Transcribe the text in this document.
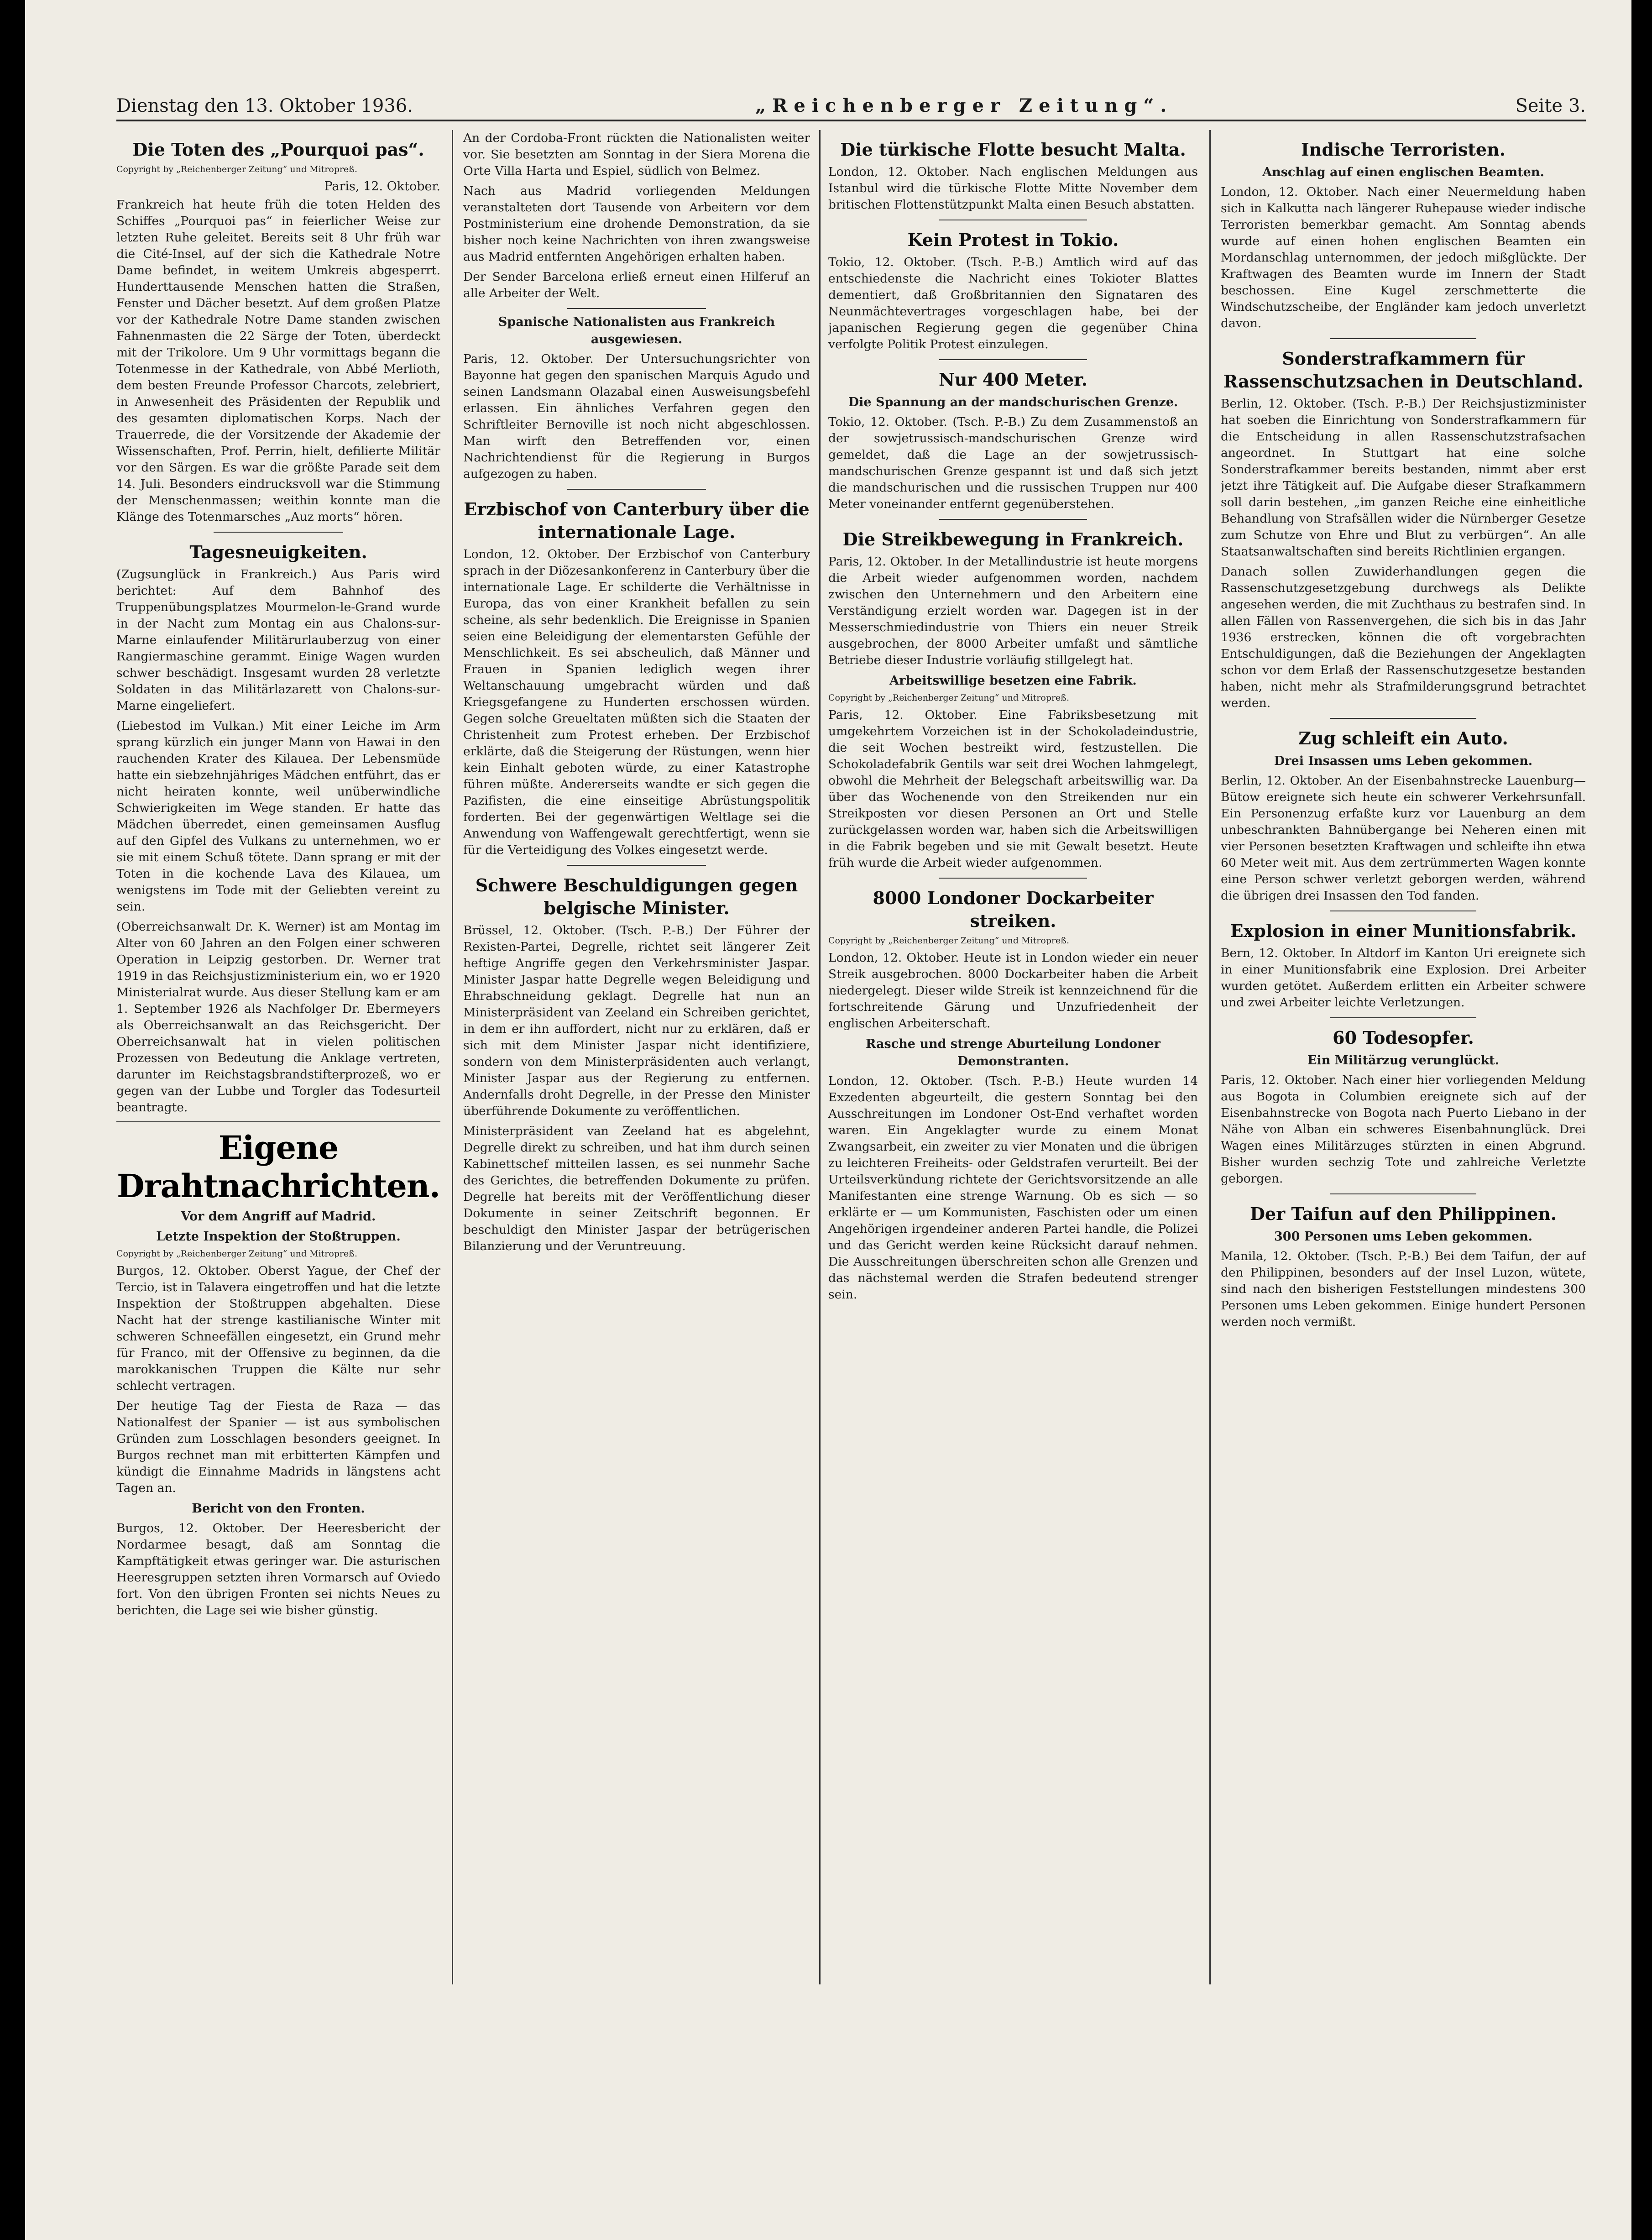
Dienstag den 13. Oktober 1936.	„Reichenberger Zeitung“.	Seite 3.
Die Toten des „Pourquoi pas“.
Copyright by „Reichenberger Zeitung“ und Mitropreß.
Paris, 12. Oktober.

Frankreich hat heute früh die toten Helden des Schiffes „Pourquoi pas“ in feierlicher Weise zur letzten Ruhe geleitet. Bereits seit 8 Uhr früh war die Cité-Insel, auf der sich die Kathedrale Notre Dame befindet, in weitem Umkreis abgesperrt. Hunderttausende Menschen hatten die Straßen, Fenster und Dächer besetzt. Auf dem großen Platze vor der Kathedrale Notre Dame standen zwischen Fahnenmasten die 22 Särge der Toten, überdeckt mit der Trikolore. Um 9 Uhr vormittags begann die Totenmesse in der Kathedrale, von Abbé Merlioth, dem besten Freunde Professor Charcots, zelebriert, in Anwesenheit des Präsidenten der Republik und des gesamten diplomatischen Korps. Nach der Trauerrede, die der Vorsitzende der Akademie der Wissenschaften, Prof. Perrin, hielt, defilierte Militär vor den Särgen. Es war die größte Parade seit dem 14. Juli. Besonders eindrucksvoll war die Stimmung der Menschenmassen; weithin konnte man die Klänge des Totenmarsches „Auz morts“ hören.

Tagesneuigkeiten.

(Zugsunglück in Frankreich.) Aus Paris wird berichtet: Auf dem Bahnhof des Truppenübungsplatzes Mourmelon-le-Grand wurde in der Nacht zum Montag ein aus Chalons-sur-Marne einlaufender Militärurlauberzug von einer Rangiermaschine gerammt. Einige Wagen wurden schwer beschädigt. Insgesamt wurden 28 verletzte Soldaten in das Militärlazarett von Chalons-sur-Marne eingeliefert.

(Liebestod im Vulkan.) Mit einer Leiche im Arm sprang kürzlich ein junger Mann von Hawai in den rauchenden Krater des Kilauea. Der Lebensmüde hatte ein siebzehnjähriges Mädchen entführt, das er nicht heiraten konnte, weil unüberwindliche Schwierigkeiten im Wege standen. Er hatte das Mädchen überredet, einen gemeinsamen Ausflug auf den Gipfel des Vulkans zu unternehmen, wo er sie mit einem Schuß tötete. Dann sprang er mit der Toten in die kochende Lava des Kilauea, um wenigstens im Tode mit der Geliebten vereint zu sein.

(Oberreichsanwalt Dr. K. Werner) ist am Montag im Alter von 60 Jahren an den Folgen einer schweren Operation in Leipzig gestorben. Dr. Werner trat 1919 in das Reichsjustizministerium ein, wo er 1920 Ministerialrat wurde. Aus dieser Stellung kam er am 1. September 1926 als Nachfolger Dr. Ebermeyers als Oberreichsanwalt an das Reichsgericht. Der Oberreichsanwalt hat in vielen politischen Prozessen von Bedeutung die Anklage vertreten, darunter im Reichstagsbrandstifterprozeß, wo er gegen van der Lubbe und Torgler das Todesurteil beantragte.

Eigene Drahtnachrichten.
Vor dem Angriff auf Madrid.
Letzte Inspektion der Stoßtruppen.
Copyright by „Reichenberger Zeitung“ und Mitropreß.

Burgos, 12. Oktober. Oberst Yague, der Chef der Tercio, ist in Talavera eingetroffen und hat die letzte Inspektion der Stoßtruppen abgehalten. Diese Nacht hat der strenge kastilianische Winter mit schweren Schneefällen eingesetzt, ein Grund mehr für Franco, mit der Offensive zu beginnen, da die marokkanischen Truppen die Kälte nur sehr schlecht vertragen.

Der heutige Tag der Fiesta de Raza — das Nationalfest der Spanier — ist aus symbolischen Gründen zum Losschlagen besonders geeignet. In Burgos rechnet man mit erbitterten Kämpfen und kündigt die Einnahme Madrids in längstens acht Tagen an.

Bericht von den Fronten.

Burgos, 12. Oktober. Der Heeresbericht der Nordarmee besagt, daß am Sonntag die Kampftätigkeit etwas geringer war. Die asturischen Heeresgruppen setzten ihren Vormarsch auf Oviedo fort. Von den übrigen Fronten sei nichts Neues zu berichten, die Lage sei wie bisher günstig.

An der Cordoba-Front rückten die Nationalisten weiter vor. Sie besetzten am Sonntag in der Siera Morena die Orte Villa Harta und Espiel, südlich von Belmez.

Nach aus Madrid vorliegenden Meldungen veranstalteten dort Tausende von Arbeitern vor dem Postministerium eine drohende Demonstration, da sie bisher noch keine Nachrichten von ihren zwangsweise aus Madrid entfernten Angehörigen erhalten haben.

Der Sender Barcelona erließ erneut einen Hilferuf an alle Arbeiter der Welt.

Spanische Nationalisten aus Frankreich ausgewiesen.

Paris, 12. Oktober. Der Untersuchungsrichter von Bayonne hat gegen den spanischen Marquis Agudo und seinen Landsmann Olazabal einen Ausweisungsbefehl erlassen. Ein ähnliches Verfahren gegen den Schriftleiter Bernoville ist noch nicht abgeschlossen. Man wirft den Betreffenden vor, einen Nachrichtendienst für die Regierung in Burgos aufgezogen zu haben.

Erzbischof von Canterbury über die internationale Lage.

London, 12. Oktober. Der Erzbischof von Canterbury sprach in der Diözesankonferenz in Canterbury über die internationale Lage. Er schilderte die Verhältnisse in Europa, das von einer Krankheit befallen zu sein scheine, als sehr bedenklich. Die Ereignisse in Spanien seien eine Beleidigung der elementarsten Gefühle der Menschlichkeit. Es sei abscheulich, daß Männer und Frauen in Spanien lediglich wegen ihrer Weltanschauung umgebracht würden und daß Kriegsgefangene zu Hunderten erschossen würden. Gegen solche Greueltaten müßten sich die Staaten der Christenheit zum Protest erheben. Der Erzbischof erklärte, daß die Steigerung der Rüstungen, wenn hier kein Einhalt geboten würde, zu einer Katastrophe führen müßte. Andererseits wandte er sich gegen die Pazifisten, die eine einseitige Abrüstungspolitik forderten. Bei der gegenwärtigen Weltlage sei die Anwendung von Waffengewalt gerechtfertigt, wenn sie für die Verteidigung des Volkes eingesetzt werde.

Schwere Beschuldigungen gegen belgische Minister.

Brüssel, 12. Oktober. (Tsch. P.-B.) Der Führer der Rexisten-Partei, Degrelle, richtet seit längerer Zeit heftige Angriffe gegen den Verkehrsminister Jaspar. Minister Jaspar hatte Degrelle wegen Beleidigung und Ehrabschneidung geklagt. Degrelle hat nun an Ministerpräsident van Zeeland ein Schreiben gerichtet, in dem er ihn auffordert, nicht nur zu erklären, daß er sich mit dem Minister Jaspar nicht identifiziere, sondern von dem Ministerpräsidenten auch verlangt, Minister Jaspar aus der Regierung zu entfernen. Andernfalls droht Degrelle, in der Presse den Minister überführende Dokumente zu veröffentlichen.

Ministerpräsident van Zeeland hat es abgelehnt, Degrelle direkt zu schreiben, und hat ihm durch seinen Kabinettschef mitteilen lassen, es sei nunmehr Sache des Gerichtes, die betreffenden Dokumente zu prüfen. Degrelle hat bereits mit der Veröffentlichung dieser Dokumente in seiner Zeitschrift begonnen. Er beschuldigt den Minister Jaspar der betrügerischen Bilanzierung und der Veruntreuung.

Die türkische Flotte besucht Malta.

London, 12. Oktober. Nach englischen Meldungen aus Istanbul wird die türkische Flotte Mitte November dem britischen Flottenstützpunkt Malta einen Besuch abstatten.

Kein Protest in Tokio.

Tokio, 12. Oktober. (Tsch. P.-B.) Amtlich wird auf das entschiedenste die Nachricht eines Tokioter Blattes dementiert, daß Großbritannien den Signataren des Neunmächtevertrages vorgeschlagen habe, bei der japanischen Regierung gegen die gegenüber China verfolgte Politik Protest einzulegen.

Nur 400 Meter.
Die Spannung an der mandschurischen Grenze.

Tokio, 12. Oktober. (Tsch. P.-B.) Zu dem Zusammenstoß an der sowjetrussisch-mandschurischen Grenze wird gemeldet, daß die Lage an der sowjetrussisch-mandschurischen Grenze gespannt ist und daß sich jetzt die mandschurischen und die russischen Truppen nur 400 Meter voneinander entfernt gegenüberstehen.

Die Streikbewegung in Frankreich.

Paris, 12. Oktober. In der Metallindustrie ist heute morgens die Arbeit wieder aufgenommen worden, nachdem zwischen den Unternehmern und den Arbeitern eine Verständigung erzielt worden war. Dagegen ist in der Messerschmiedindustrie von Thiers ein neuer Streik ausgebrochen, der 8000 Arbeiter umfaßt und sämtliche Betriebe dieser Industrie vorläufig stillgelegt hat.

Arbeitswillige besetzen eine Fabrik.
Copyright by „Reichenberger Zeitung“ und Mitropreß.

Paris, 12. Oktober. Eine Fabriksbesetzung mit umgekehrtem Vorzeichen ist in der Schokoladeindustrie, die seit Wochen bestreikt wird, festzustellen. Die Schokoladefabrik Gentils war seit drei Wochen lahmgelegt, obwohl die Mehrheit der Belegschaft arbeitswillig war. Da über das Wochenende von den Streikenden nur ein Streikposten vor diesen Personen an Ort und Stelle zurückgelassen worden war, haben sich die Arbeitswilligen in die Fabrik begeben und sie mit Gewalt besetzt. Heute früh wurde die Arbeit wieder aufgenommen.

8000 Londoner Dockarbeiter streiken.
Copyright by „Reichenberger Zeitung“ und Mitropreß.

London, 12. Oktober. Heute ist in London wieder ein neuer Streik ausgebrochen. 8000 Dockarbeiter haben die Arbeit niedergelegt. Dieser wilde Streik ist kennzeichnend für die fortschreitende Gärung und Unzufriedenheit der englischen Arbeiterschaft.

Rasche und strenge Aburteilung Londoner Demonstranten.

London, 12. Oktober. (Tsch. P.-B.) Heute wurden 14 Exzedenten abgeurteilt, die gestern Sonntag bei den Ausschreitungen im Londoner Ost-End verhaftet worden waren. Ein Angeklagter wurde zu einem Monat Zwangsarbeit, ein zweiter zu vier Monaten und die übrigen zu leichteren Freiheits- oder Geldstrafen verurteilt. Bei der Urteilsverkündung richtete der Gerichtsvorsitzende an alle Manifestanten eine strenge Warnung. Ob es sich — so erklärte er — um Kommunisten, Faschisten oder um einen Angehörigen irgendeiner anderen Partei handle, die Polizei und das Gericht werden keine Rücksicht darauf nehmen. Die Ausschreitungen überschreiten schon alle Grenzen und das nächstemal werden die Strafen bedeutend strenger sein.

Indische Terroristen.
Anschlag auf einen englischen Beamten.

London, 12. Oktober. Nach einer Neuermeldung haben sich in Kalkutta nach längerer Ruhepause wieder indische Terroristen bemerkbar gemacht. Am Sonntag abends wurde auf einen hohen englischen Beamten ein Mordanschlag unternommen, der jedoch mißglückte. Der Kraftwagen des Beamten wurde im Innern der Stadt beschossen. Eine Kugel zerschmetterte die Windschutzscheibe, der Engländer kam jedoch unverletzt davon.

Sonderstrafkammern für Rassenschutzsachen in Deutschland.

Berlin, 12. Oktober. (Tsch. P.-B.) Der Reichsjustizminister hat soeben die Einrichtung von Sonderstrafkammern für die Entscheidung in allen Rassenschutzstrafsachen angeordnet. In Stuttgart hat eine solche Sonderstrafkammer bereits bestanden, nimmt aber erst jetzt ihre Tätigkeit auf. Die Aufgabe dieser Strafkammern soll darin bestehen, „im ganzen Reiche eine einheitliche Behandlung von Strafsällen wider die Nürnberger Gesetze zum Schutze von Ehre und Blut zu verbürgen“. An alle Staatsanwaltschaften sind bereits Richtlinien ergangen.

Danach sollen Zuwiderhandlungen gegen die Rassenschutzgesetzgebung durchwegs als Delikte angesehen werden, die mit Zuchthaus zu bestrafen sind. In allen Fällen von Rassenvergehen, die sich bis in das Jahr 1936 erstrecken, können die oft vorgebrachten Entschuldigungen, daß die Beziehungen der Angeklagten schon vor dem Erlaß der Rassenschutzgesetze bestanden haben, nicht mehr als Strafmilderungsgrund betrachtet werden.

Zug schleift ein Auto.
Drei Insassen ums Leben gekommen.

Berlin, 12. Oktober. An der Eisenbahnstrecke Lauenburg—Bütow ereignete sich heute ein schwerer Verkehrsunfall. Ein Personenzug erfaßte kurz vor Lauenburg an dem unbeschrankten Bahnübergange bei Neheren einen mit vier Personen besetzten Kraftwagen und schleifte ihn etwa 60 Meter weit mit. Aus dem zertrümmerten Wagen konnte eine Person schwer verletzt geborgen werden, während die übrigen drei Insassen den Tod fanden.

Explosion in einer Munitionsfabrik.

Bern, 12. Oktober. In Altdorf im Kanton Uri ereignete sich in einer Munitionsfabrik eine Explosion. Drei Arbeiter wurden getötet. Außerdem erlitten ein Arbeiter schwere und zwei Arbeiter leichte Verletzungen.

60 Todesopfer.
Ein Militärzug verunglückt.

Paris, 12. Oktober. Nach einer hier vorliegenden Meldung aus Bogota in Columbien ereignete sich auf der Eisenbahnstrecke von Bogota nach Puerto Liebano in der Nähe von Alban ein schweres Eisenbahnunglück. Drei Wagen eines Militärzuges stürzten in einen Abgrund. Bisher wurden sechzig Tote und zahlreiche Verletzte geborgen.

Der Taifun auf den Philippinen.
300 Personen ums Leben gekommen.

Manila, 12. Oktober. (Tsch. P.-B.) Bei dem Taifun, der auf den Philippinen, besonders auf der Insel Luzon, wütete, sind nach den bisherigen Feststellungen mindestens 300 Personen ums Leben gekommen. Einige hundert Personen werden noch vermißt.
